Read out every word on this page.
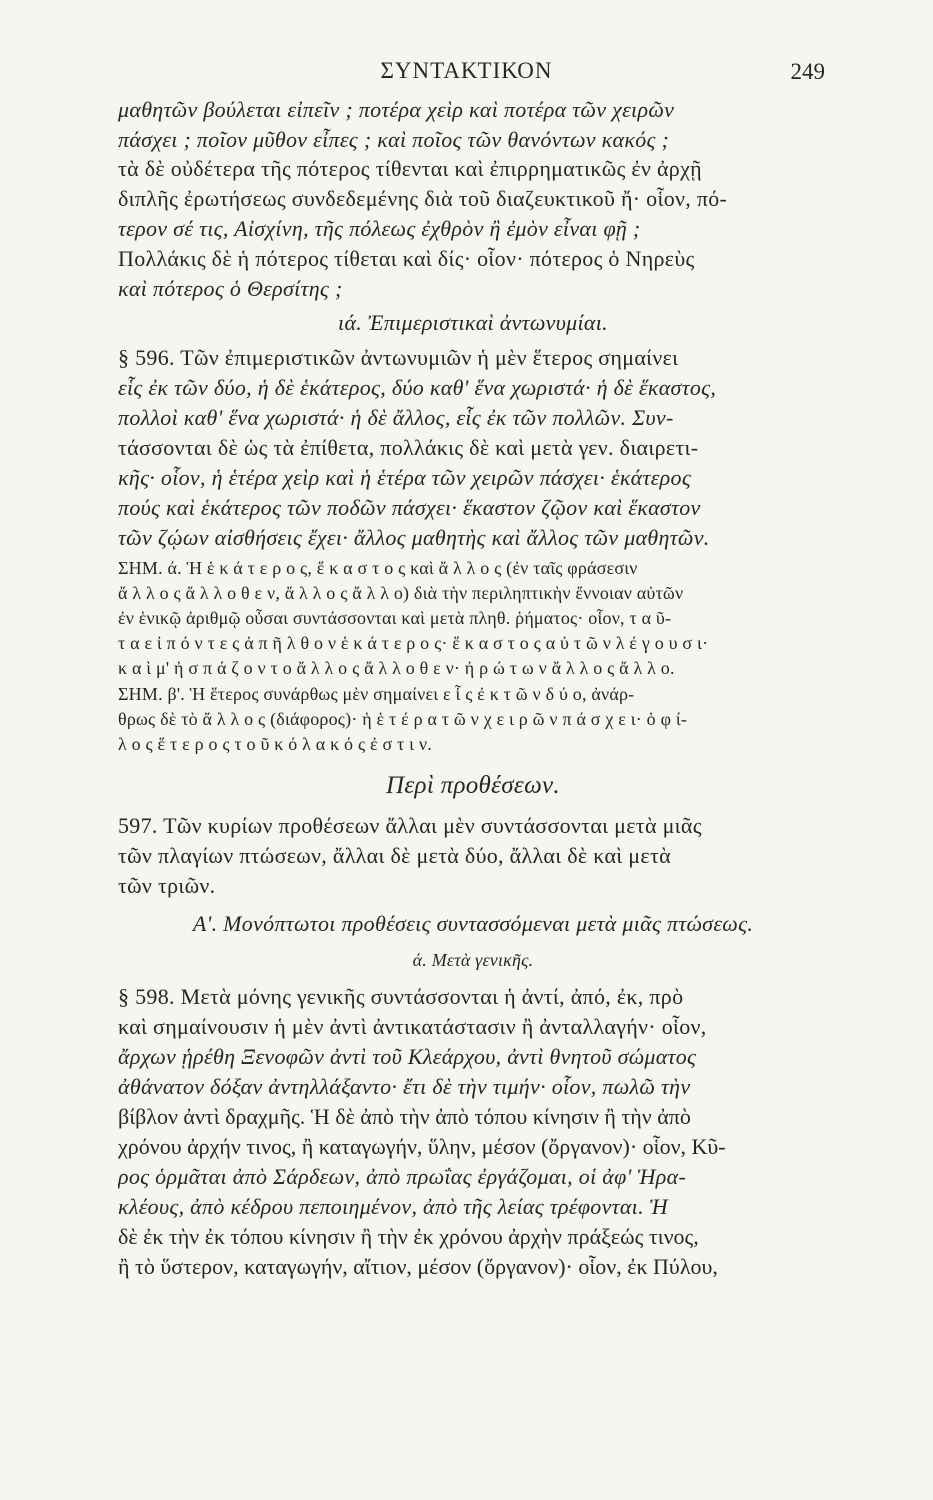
ΣΥΝΤΑΚΤΙΚΟΝ	249
μαθητῶν βούλεται εἰπεῖν ; ποτέρα χεὶρ καὶ ποτέρα τῶν χειρῶν
πάσχει ; ποῖον μῦθον εἶπες ; καὶ ποῖος τῶν θανόντων κακός ;
τὰ δὲ οὐδέτερα τῆς πότερος τίθενται καὶ ἐπιρρηματικῶς ἐν ἀρχῇ
διπλῆς ἐρωτήσεως συνδεδεμένης διὰ τοῦ διαζευκτικοῦ ἤ· οἷον, πό-
τερον σέ τις, Αἰσχίνη, τῆς πόλεως ἐχθρὸν ἢ ἐμὸν εἶναι φῇ ;
Πολλάκις δὲ ἡ πότερος τίθεται καὶ δίς· οἷον· πότερος ὁ Νηρεὺς
καὶ πότερος ὁ Θερσίτης ;
ιά. Ἐπιμεριστικαὶ ἀντωνυμίαι.
§ 596. Τῶν ἐπιμεριστικῶν ἀντωνυμιῶν ἡ μὲν ἕτερος σημαίνει
εἷς ἐκ τῶν δύο, ἡ δὲ ἑκάτερος, δύο καθ' ἕνα χωριστά· ἡ δὲ ἕκαστος,
πολλοὶ καθ' ἕνα χωριστά· ἡ δὲ ἄλλος, εἷς ἐκ τῶν πολλῶν. Συν-
τάσσονται δὲ ὡς τὰ ἐπίθετα, πολλάκις δὲ καὶ μετὰ γεν. διαιρετι-
κῆς· οἷον, ἡ ἑτέρα χεὶρ καὶ ἡ ἑτέρα τῶν χειρῶν πάσχει· ἑκάτερος
πούς καὶ ἑκάτερος τῶν ποδῶν πάσχει· ἕκαστον ζῷον καὶ ἕκαστον
τῶν ζῴων αἰσθήσεις ἔχει· ἄλλος μαθητὴς καὶ ἄλλος τῶν μαθητῶν.
ΣΗΜ. ά. Ἡ ἑ κ ά τ ε ρ ο ς, ἕ κ α σ τ ο ς καὶ ἄ λ λ ο ς (ἐν ταῖς φράσεσιν
ἄ λ λ ο ς ἄ λ λ ο θ ε ν, ἄ λ λ ο ς ἄ λ λ ο) διὰ τὴν περιληπτικὴν ἔννοιαν αὐτῶν
ἐν ἑνικῷ ἀριθμῷ οὖσαι συντάσσονται καὶ μετὰ πληθ. ῥήματος· οἷον, τ α ῦ-
τ α ε ἰ π ό ν τ ε ς ἀ π ῆ λ θ ο ν ἑ κ ά τ ε ρ ο ς· ἕ κ α σ τ ο ς α ὐ τ ῶ ν λ έ γ ο υ σ ι·
κ α ὶ μ' ἠ σ π ά ζ ο ν τ ο ἄ λ λ ο ς ἄ λ λ ο θ ε ν· ἠ ρ ώ τ ω ν ἄ λ λ ο ς ἄ λ λ ο.
ΣΗΜ. β'. Ἡ ἕτερος συνάρθως μὲν σημαίνει ε ἷ ς ἐ κ τ ῶ ν δ ύ ο, ἀνάρ-
θρως δὲ τὸ ἄ λ λ ο ς (διάφορος)· ἡ ἑ τ έ ρ α τ ῶ ν χ ε ι ρ ῶ ν π ά σ χ ε ι· ὁ φ ί-
λ ο ς ἕ τ ε ρ ο ς τ ο ῦ κ ό λ α κ ό ς ἐ σ τ ι ν.
Περὶ προθέσεων.
597. Τῶν κυρίων προθέσεων ἄλλαι μὲν συντάσσονται μετὰ μιᾶς
τῶν πλαγίων πτώσεων, ἄλλαι δὲ μετὰ δύο, ἄλλαι δὲ καὶ μετὰ
τῶν τριῶν.
Α'. Μονόπτωτοι προθέσεις συντασσόμεναι μετὰ μιᾶς πτώσεως.
ά. Μετὰ γενικῆς.
§ 598. Μετὰ μόνης γενικῆς συντάσσονται ἡ ἀντί, ἀπό, ἐκ, πρὸ
καὶ σημαίνουσιν ἡ μὲν ἀντὶ ἀντικατάστασιν ἢ ἀνταλλαγήν· οἷον,
ἄρχων ᾑρέθη Ξενοφῶν ἀντὶ τοῦ Κλεάρχου, ἀντὶ θνητοῦ σώματος
ἀθάνατον δόξαν ἀντηλλάξαντο· ἔτι δὲ τὴν τιμήν· οἷον, πωλῶ τὴν
βίβλον ἀντὶ δραχμῆς. Ἡ δὲ ἀπὸ τὴν ἀπὸ τόπου κίνησιν ἢ τὴν ἀπὸ
χρόνου ἀρχήν τινος, ἢ καταγωγήν, ὕλην, μέσον (ὄργανον)· οἷον, Κῦ-
ρος ὁρμᾶται ἀπὸ Σάρδεων, ἀπὸ πρωΐας ἐργάζομαι, οἱ ἀφ' Ἡρα-
κλέους, ἀπὸ κέδρου πεποιημένον, ἀπὸ τῆς λείας τρέφονται. Ἡ
δὲ ἐκ τὴν ἐκ τόπου κίνησιν ἢ τὴν ἐκ χρόνου ἀρχὴν πράξεώς τινος,
ἢ τὸ ὕστερον, καταγωγήν, αἴτιον, μέσον (ὄργανον)· οἷον, ἐκ Πύλου,
